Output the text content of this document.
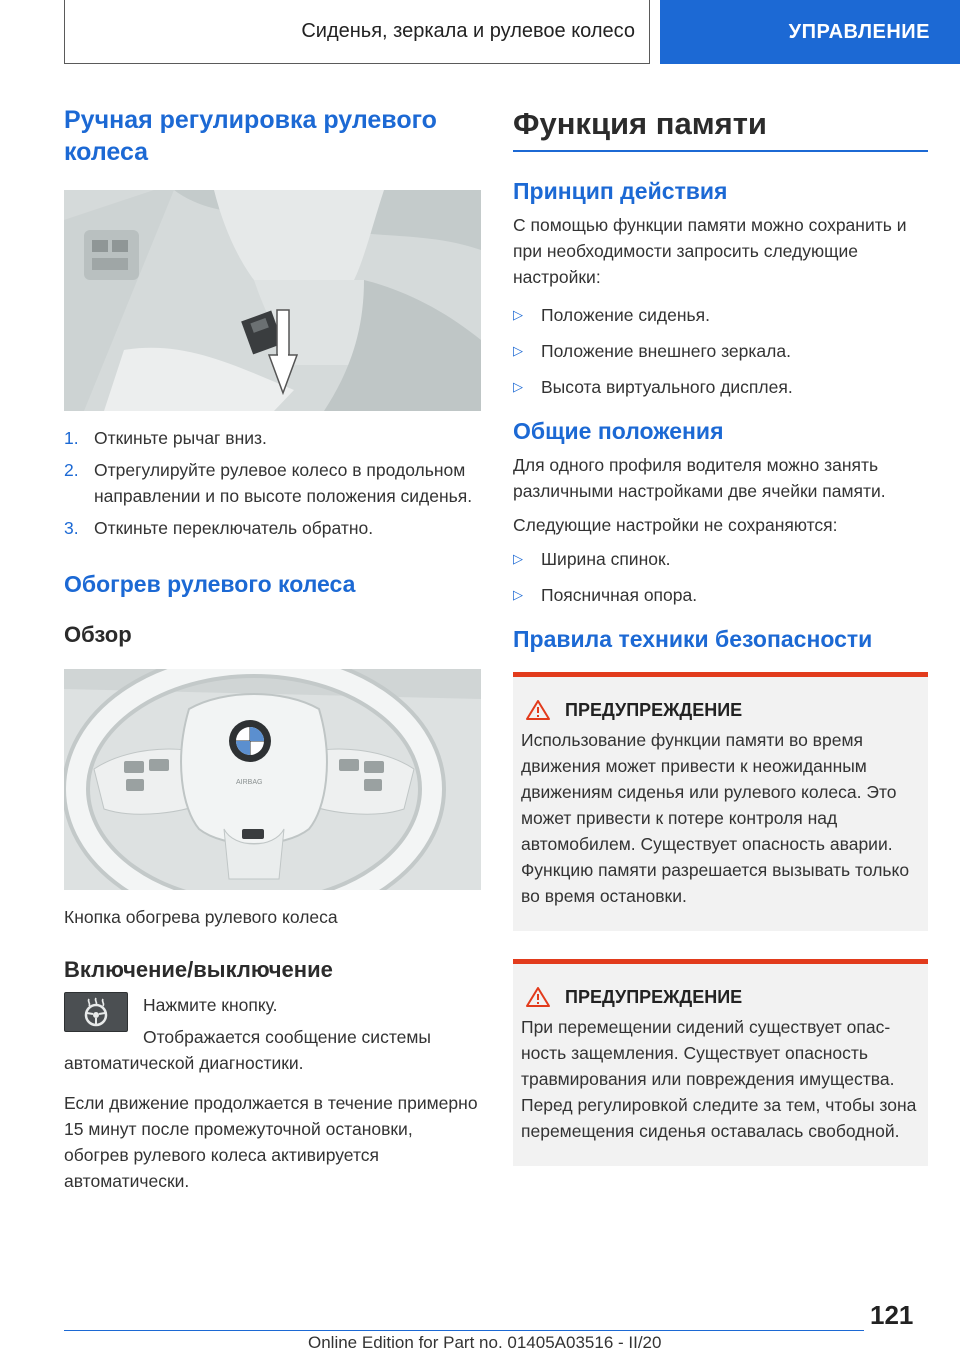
Сиденья, зеркала и рулевое колесо	УПРАВЛЕНИЕ
Ручная регулировка рулевого колеса
1. Откиньте рычаг вниз.
2. Отрегулируйте рулевое колесо в продольном направлении и по высоте положения сиденья.
3. Откиньте переключатель обратно.
Обогрев рулевого колеса
Обзор
AIRBAG

Кнопка обогрева рулевого колеса

Включение/выключение

Нажмите кнопку.

Отображается сообщение системы автоматической диагностики.

Если движение продолжается в течение примерно 15 минут после промежуточной остановки, обогрев рулевого колеса активируется автоматически.

Функция памяти
Принцип действия

С помощью функции памяти можно сохранить и при необходимости запросить следующие настройки:

▷ Положение сиденья.
▷ Положение внешнего зеркала.
▷ Высота виртуального дисплея.
Общие положения

Для одного профиля водителя можно занять различными настройками две ячейки памяти.

Следующие настройки не сохраняются:

▷ Ширина спинок.
▷ Поясничная опора.
Правила техники безопасности
ПРЕДУПРЕЖДЕНИЕ

Использование функции памяти во время движения может привести к неожиданным движениям сиденья или рулевого колеса. Это может привести к потере контроля над автомобилем. Существует опасность аварии. Функцию памяти разрешается вызывать только во время остановки.

ПРЕДУПРЕЖДЕНИЕ

При перемещении сидений существует опасность защемления. Существует опасность травмирования или повреждения имущества. Перед регулировкой следите за тем, чтобы зона перемещения сиденья оставалась свободной.

121
Online Edition for Part no. 01405A03516 - II/20
